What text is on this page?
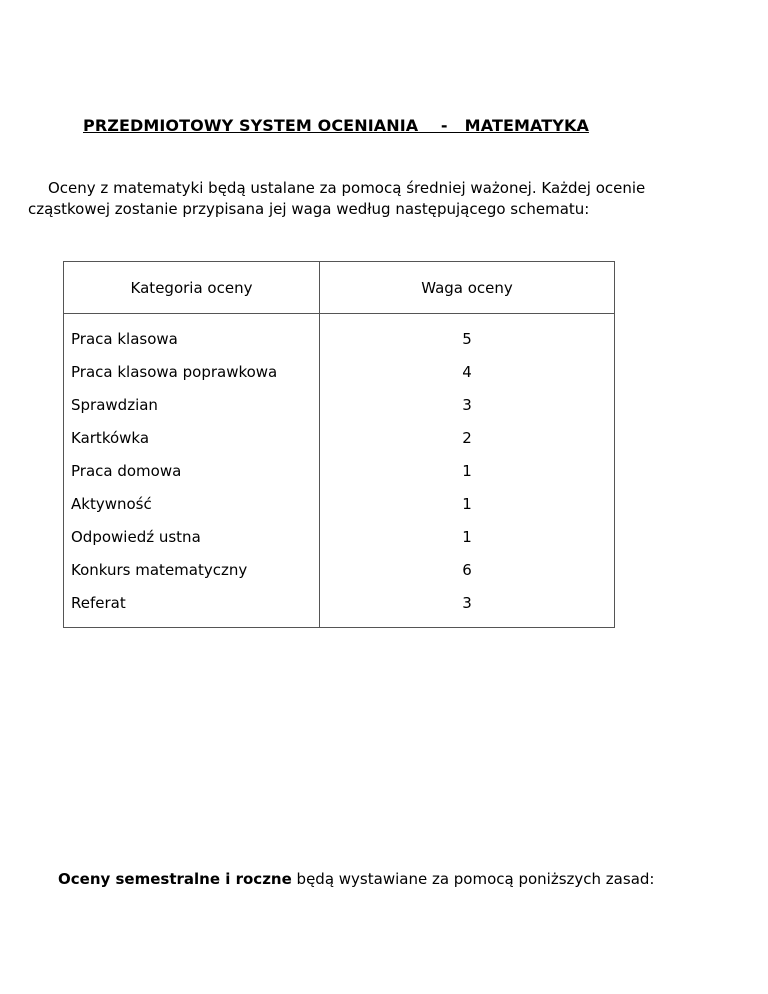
PRZEDMIOTOWY SYSTEM OCENIANIA    -   MATEMATYKA
Oceny z matematyki będą ustalane za pomocą średniej ważonej. Każdej ocenie cząstkowej zostanie przypisana jej waga według następującego schematu:
Kategoria oceny	Waga oceny
Praca klasowa	5
Praca klasowa poprawkowa	4
Sprawdzian	3
Kartkówka	2
Praca domowa	1
Aktywność	1
Odpowiedź ustna	1
Konkurs matematyczny	6
Referat	3
Oceny semestralne i roczne będą wystawiane za pomocą poniższych zasad:
